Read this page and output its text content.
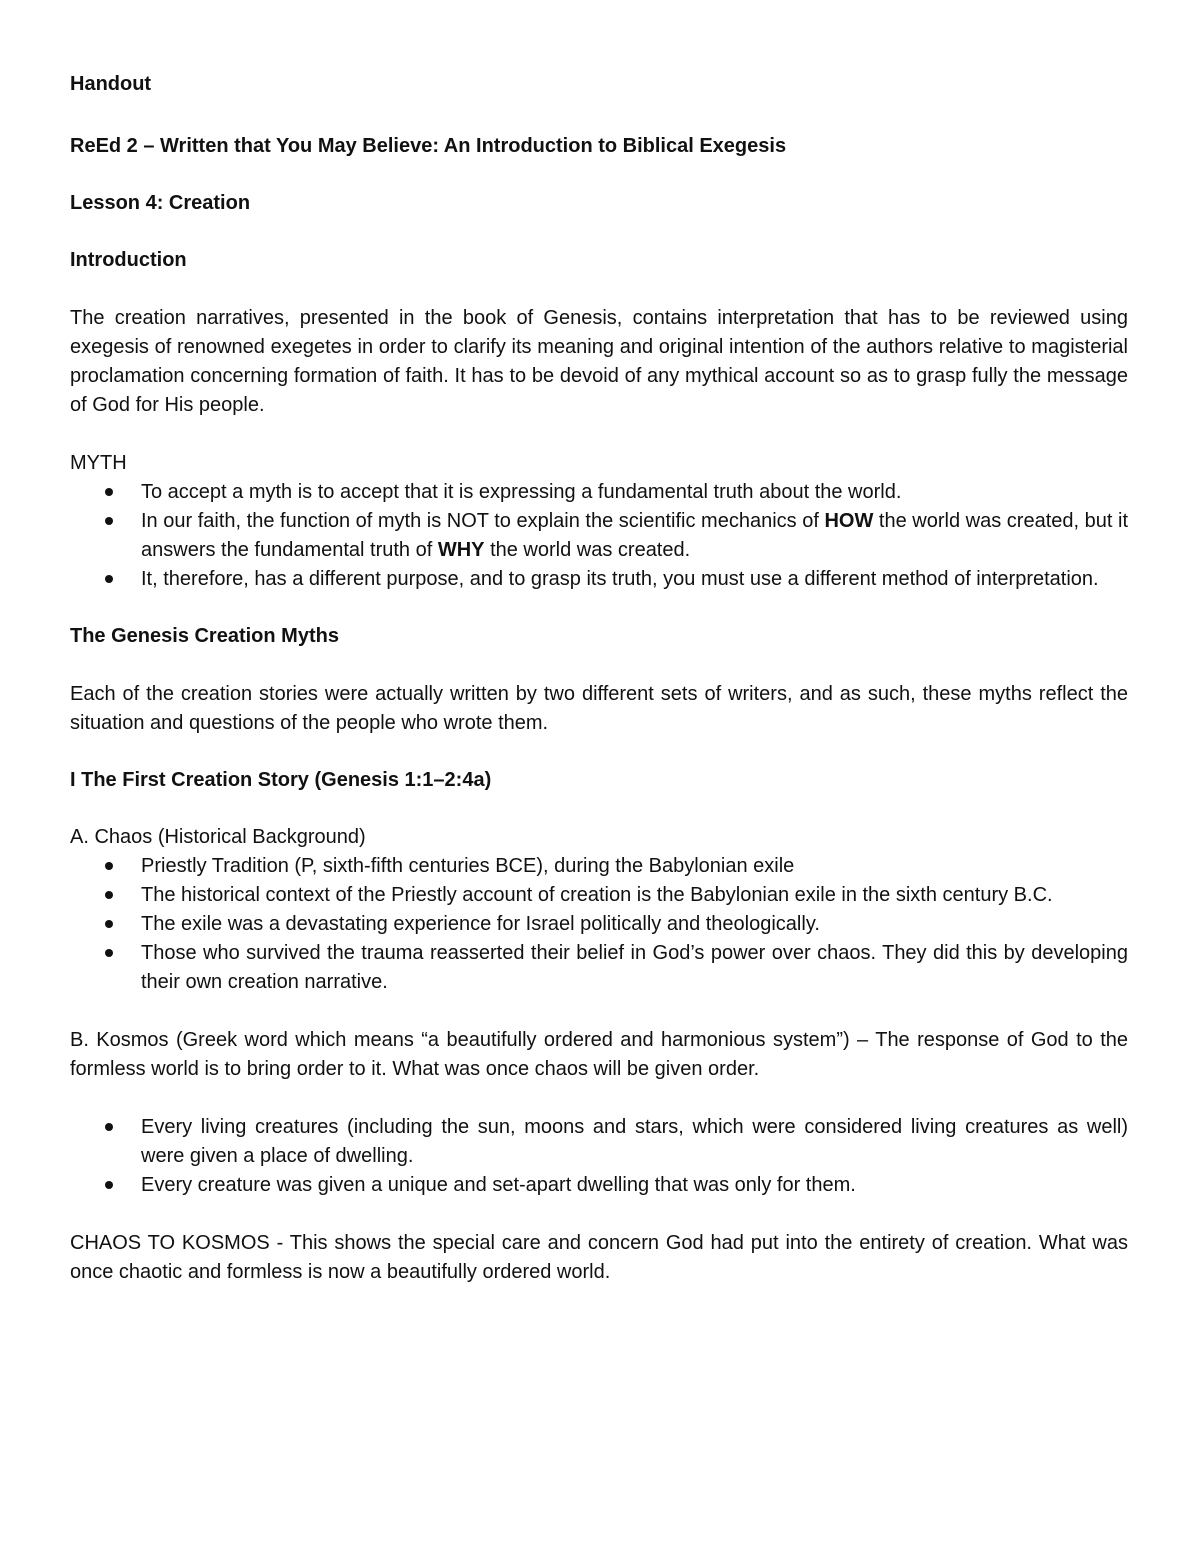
Handout

ReEd 2 – Written that You May Believe: An Introduction to Biblical Exegesis

Lesson 4: Creation

Introduction

The creation narratives, presented in the book of Genesis, contains interpretation that has to be reviewed using exegesis of renowned exegetes in order to clarify its meaning and original intention of the authors relative to magisterial proclamation concerning formation of faith. It has to be devoid of any mythical account so as to grasp fully the message of God for His people.

MYTH

To accept a myth is to accept that it is expressing a fundamental truth about the world.
In our faith, the function of myth is NOT to explain the scientific mechanics of HOW the world was created, but it answers the fundamental truth of WHY the world was created.
It, therefore, has a different purpose, and to grasp its truth, you must use a different method of interpretation.

The Genesis Creation Myths

Each of the creation stories were actually written by two different sets of writers, and as such, these myths reflect the situation and questions of the people who wrote them.

I The First Creation Story (Genesis 1:1–2:4a)

A. Chaos (Historical Background)

Priestly Tradition (P, sixth-fifth centuries BCE), during the Babylonian exile
The historical context of the Priestly account of creation is the Babylonian exile in the sixth century B.C.
The exile was a devastating experience for Israel politically and theologically.
Those who survived the trauma reasserted their belief in God’s power over chaos. They did this by developing their own creation narrative.

B. Kosmos (Greek word which means “a beautifully ordered and harmonious system”) – The response of God to the formless world is to bring order to it. What was once chaos will be given order.

Every living creatures (including the sun, moons and stars, which were considered living creatures as well) were given a place of dwelling.
Every creature was given a unique and set-apart dwelling that was only for them.

CHAOS TO KOSMOS - This shows the special care and concern God had put into the entirety of creation. What was once chaotic and formless is now a beautifully ordered world.
